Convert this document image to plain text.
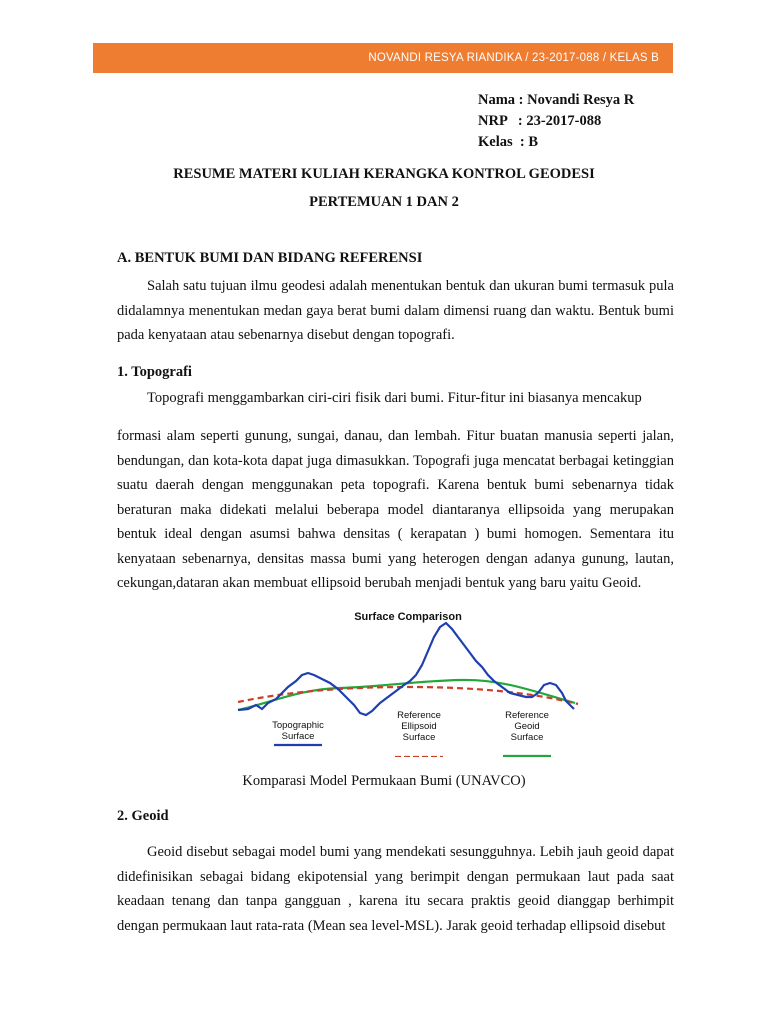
NOVANDI RESYA RIANDIKA / 23-2017-088 / KELAS B
Nama : Novandi Resya R
NRP   : 23-2017-088
Kelas  : B
RESUME MATERI KULIAH KERANGKA KONTROL GEODESI
PERTEMUAN 1 DAN 2
A. BENTUK BUMI DAN BIDANG REFERENSI
Salah satu tujuan ilmu geodesi adalah menentukan bentuk dan ukuran bumi termasuk pula didalamnya menentukan medan gaya berat bumi dalam dimensi ruang dan waktu. Bentuk bumi pada kenyataan atau sebenarnya disebut dengan topografi.
1. Topografi
Topografi menggambarkan ciri-ciri fisik dari bumi. Fitur-fitur ini biasanya mencakup
formasi alam seperti gunung, sungai, danau, dan lembah. Fitur buatan manusia seperti jalan, bendungan, dan kota-kota dapat juga dimasukkan. Topografi juga mencatat berbagai ketinggian suatu daerah dengan menggunakan peta topografi. Karena bentuk bumi sebenarnya tidak beraturan maka didekati melalui beberapa model diantaranya ellipsoida yang merupakan bentuk ideal dengan asumsi bahwa densitas ( kerapatan ) bumi homogen. Sementara itu kenyataan sebenarnya, densitas massa bumi yang heterogen dengan adanya gunung, lautan, cekungan,dataran akan membuat ellipsoid berubah menjadi bentuk yang baru yaitu Geoid.
Surface Comparison
Topographic
Surface
Reference
Ellipsoid
Surface
Reference
Geoid
Surface
Komparasi Model Permukaan Bumi (UNAVCO)
2. Geoid
Geoid disebut sebagai model bumi yang mendekati sesungguhnya. Lebih jauh geoid dapat didefinisikan sebagai bidang ekipotensial yang berimpit dengan permukaan laut pada saat keadaan tenang dan tanpa gangguan , karena itu secara praktis geoid dianggap berhimpit dengan permukaan laut rata-rata (Mean sea level-MSL). Jarak geoid terhadap ellipsoid disebut
